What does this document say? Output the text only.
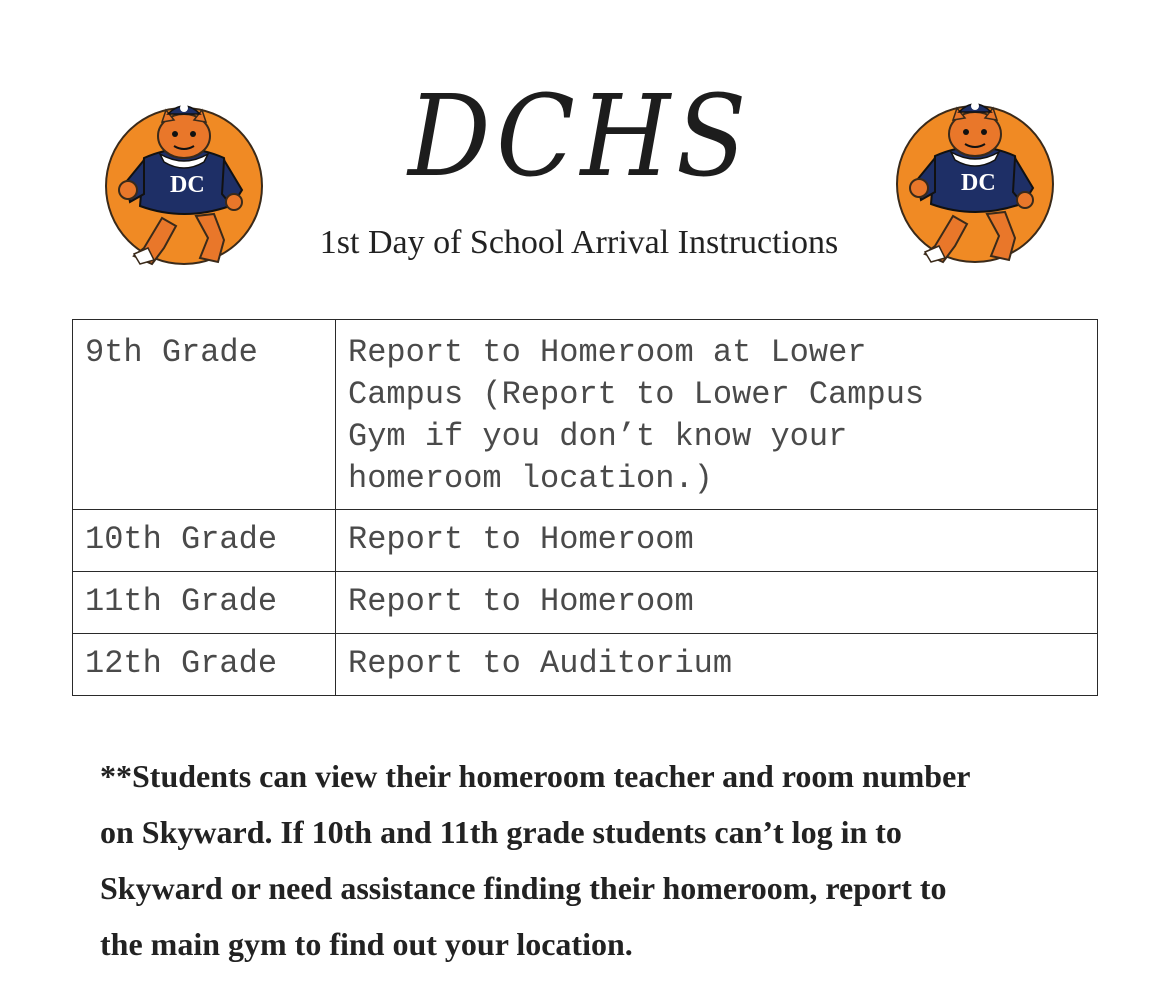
DC	DCHS
1st Day of School Arrival Instructions
DC
9th Grade	Report to Homeroom at Lower
Campus (Report to Lower Campus
Gym if you don’t know your
homeroom location.)

10th Grade	Report to Homeroom
11th Grade	Report to Homeroom
12th Grade	Report to Auditorium
**Students can view their homeroom teacher and room number
on Skyward. If 10th and 11th grade students can’t log in to
Skyward or need assistance finding their homeroom, report to
the main gym to find out your location.
